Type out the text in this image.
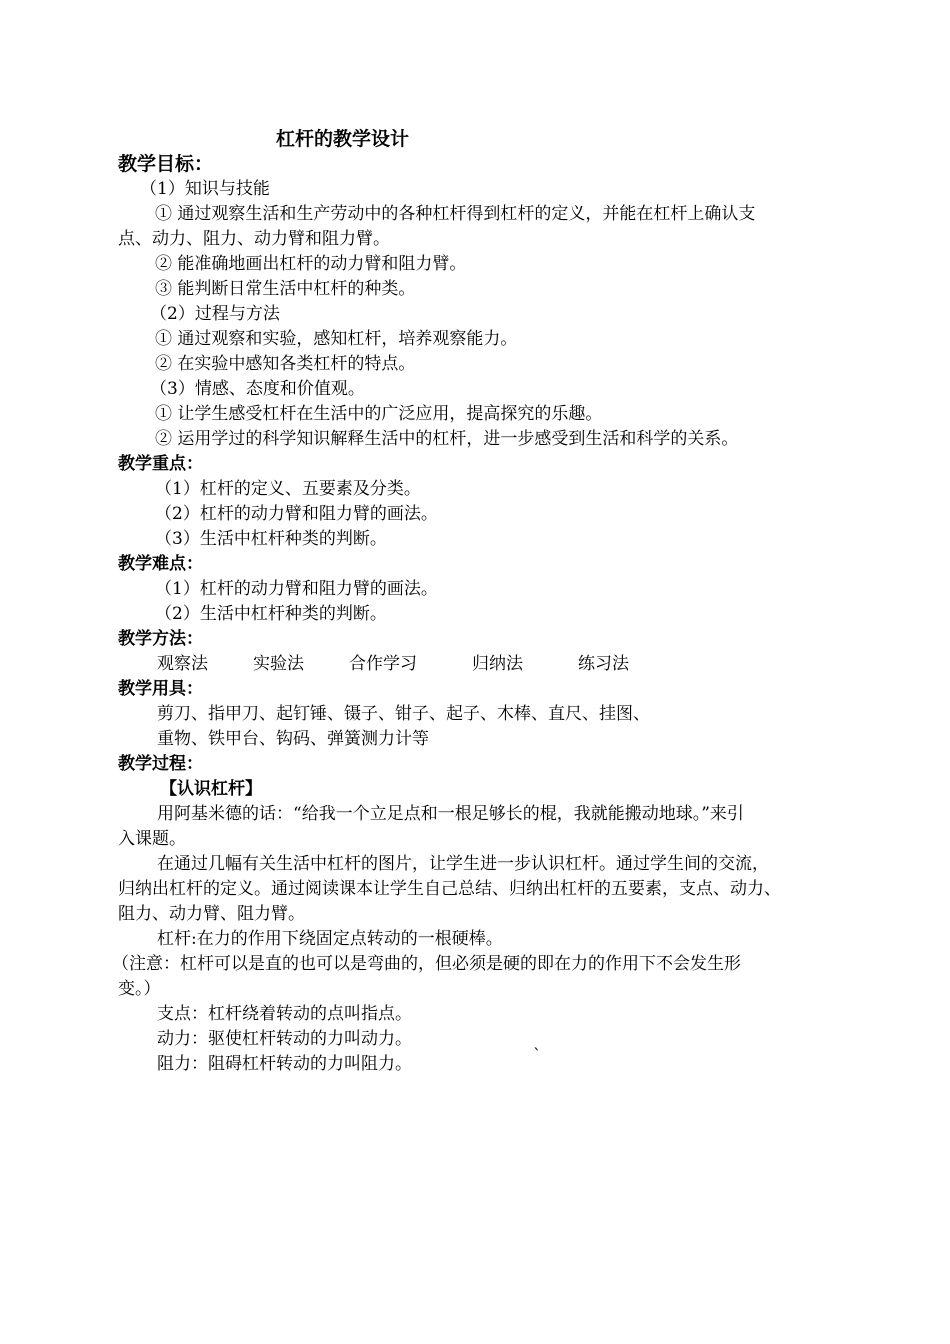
杠杆的教学设计
教学目标：
（1）知识与技能
① 通过观察生活和生产劳动中的各种杠杆得到杠杆的定义，并能在杠杆上确认支
点、动力、阻力、动力臂和阻力臂。
② 能准确地画出杠杆的动力臂和阻力臂。
③ 能判断日常生活中杠杆的种类。
（2）过程与方法
① 通过观察和实验，感知杠杆，培养观察能力。
② 在实验中感知各类杠杆的特点。
（3）情感、态度和价值观。
① 让学生感受杠杆在生活中的广泛应用，提高探究的乐趣。
② 运用学过的科学知识解释生活中的杠杆，进一步感受到生活和科学的关系。
教学重点：
（1）杠杆的定义、五要素及分类。
（2）杠杆的动力臂和阻力臂的画法。
（3）生活中杠杆种类的判断。
教学难点：
（1）杠杆的动力臂和阻力臂的画法。
（2）生活中杠杆种类的判断。
教学方法：
观察法	实验法	合作学习	归纳法	练习法
教学用具：
剪刀、指甲刀、起钉锤、镊子、钳子、起子、木棒、直尺、挂图、
重物、铁甲台、钩码、弹簧测力计等
教学过程：
【认识杠杆】
用阿基米德的话：“给我一个立足点和一根足够长的棍，我就能搬动地球。”来引
入课题。
在通过几幅有关生活中杠杆的图片，让学生进一步认识杠杆。通过学生间的交流，
归纳出杠杆的定义。通过阅读课本让学生自己总结、归纳出杠杆的五要素，支点、动力、
阻力、动力臂、阻力臂。
杠杆:在力的作用下绕固定点转动的一根硬棒。
（注意：杠杆可以是直的也可以是弯曲的，但必须是硬的即在力的作用下不会发生形
变。）
支点：杠杆绕着转动的点叫指点。
动力：驱使杠杆转动的力叫动力。
阻力：阻碍杠杆转动的力叫阻力。	`
